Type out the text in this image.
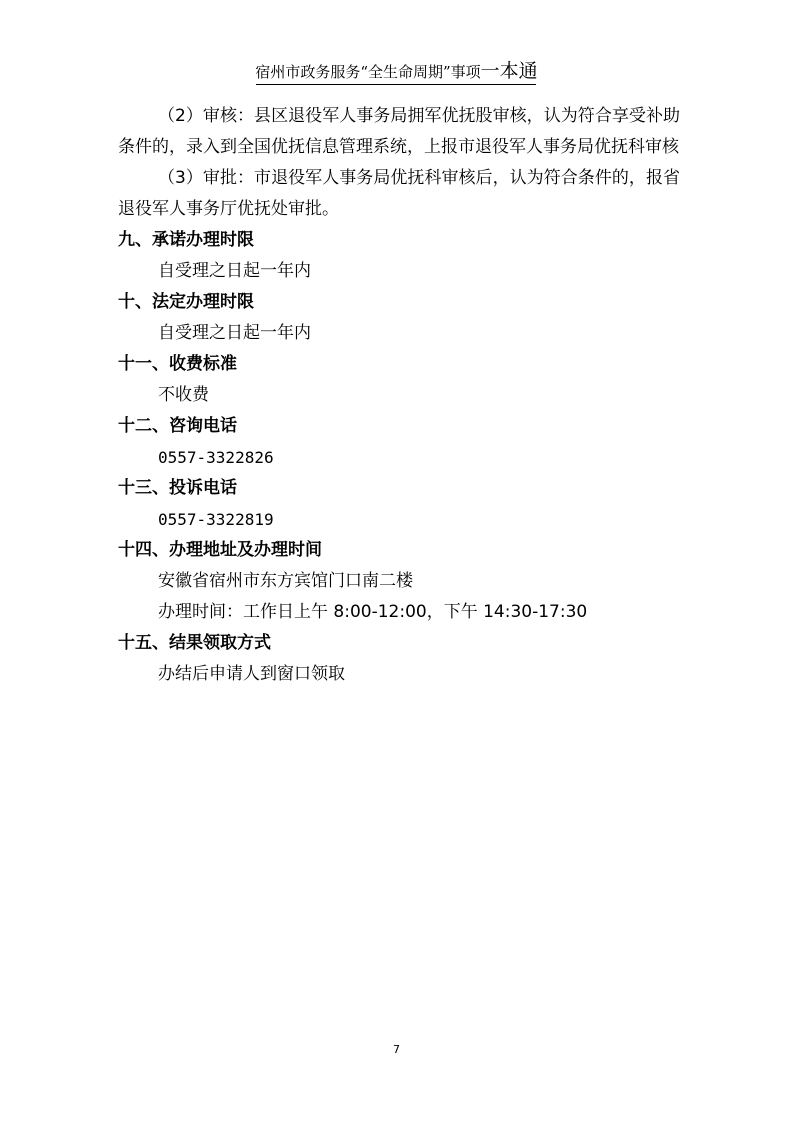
宿州市政务服务“全生命周期”事项一本通

（2）审核：县区退役军人事务局拥军优抚股审核，认为符合享受补助条件的，录入到全国优抚信息管理系统，上报市退役军人事务局优抚科审核

（3）审批：市退役军人事务局优抚科审核后，认为符合条件的，报省退役军人事务厅优抚处审批。

九、承诺办理时限

自受理之日起一年内

十、法定办理时限

自受理之日起一年内

十一、收费标准

不收费

十二、咨询电话

0557-3322826

十三、投诉电话

0557-3322819

十四、办理地址及办理时间

安徽省宿州市东方宾馆门口南二楼

办理时间：工作日上午 8:00-12:00，下午 14:30-17:30

十五、结果领取方式

办结后申请人到窗口领取

7
